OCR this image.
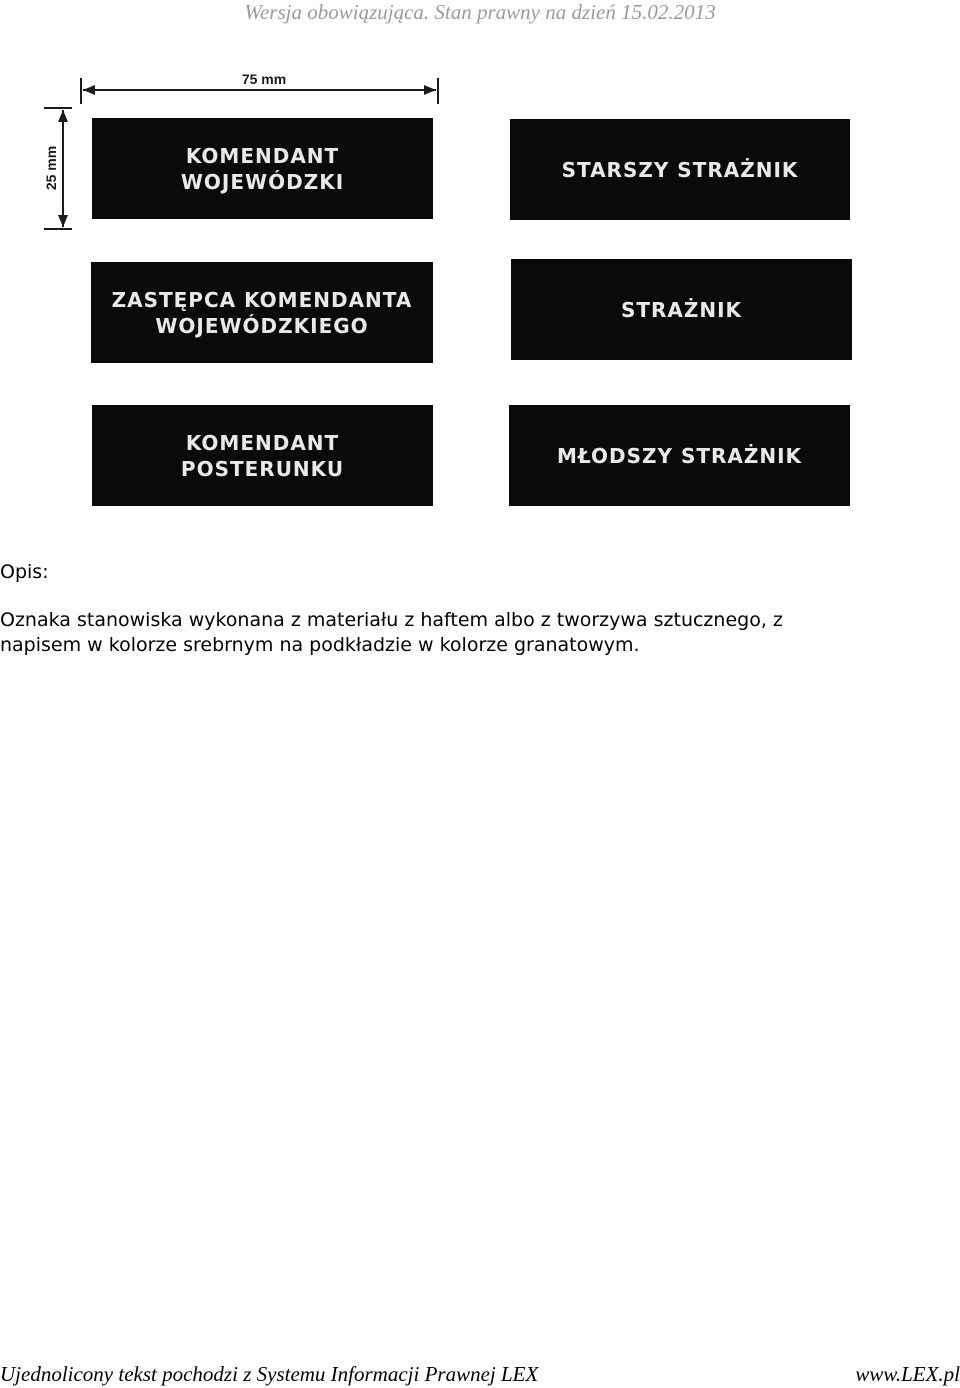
Wersja obowiązująca. Stan prawny na dzień 15.02.2013
75 mm
25 mm	KOMENDANT
WOJEWÓDZKI	STARSZY STRAŻNIK
ZASTĘPCA KOMENDANTA
WOJEWÓDZKIEGO
STRAŻNIK
KOMENDANT
POSTERUNKU
MŁODSZY STRAŻNIK
Opis:
Oznaka stanowiska wykonana z materiału z haftem albo z tworzywa sztucznego, z
napisem w kolorze srebrnym na podkładzie w kolorze granatowym.
Ujednolicony tekst pochodzi z Systemu Informacji Prawnej LEX	www.LEX.pl
